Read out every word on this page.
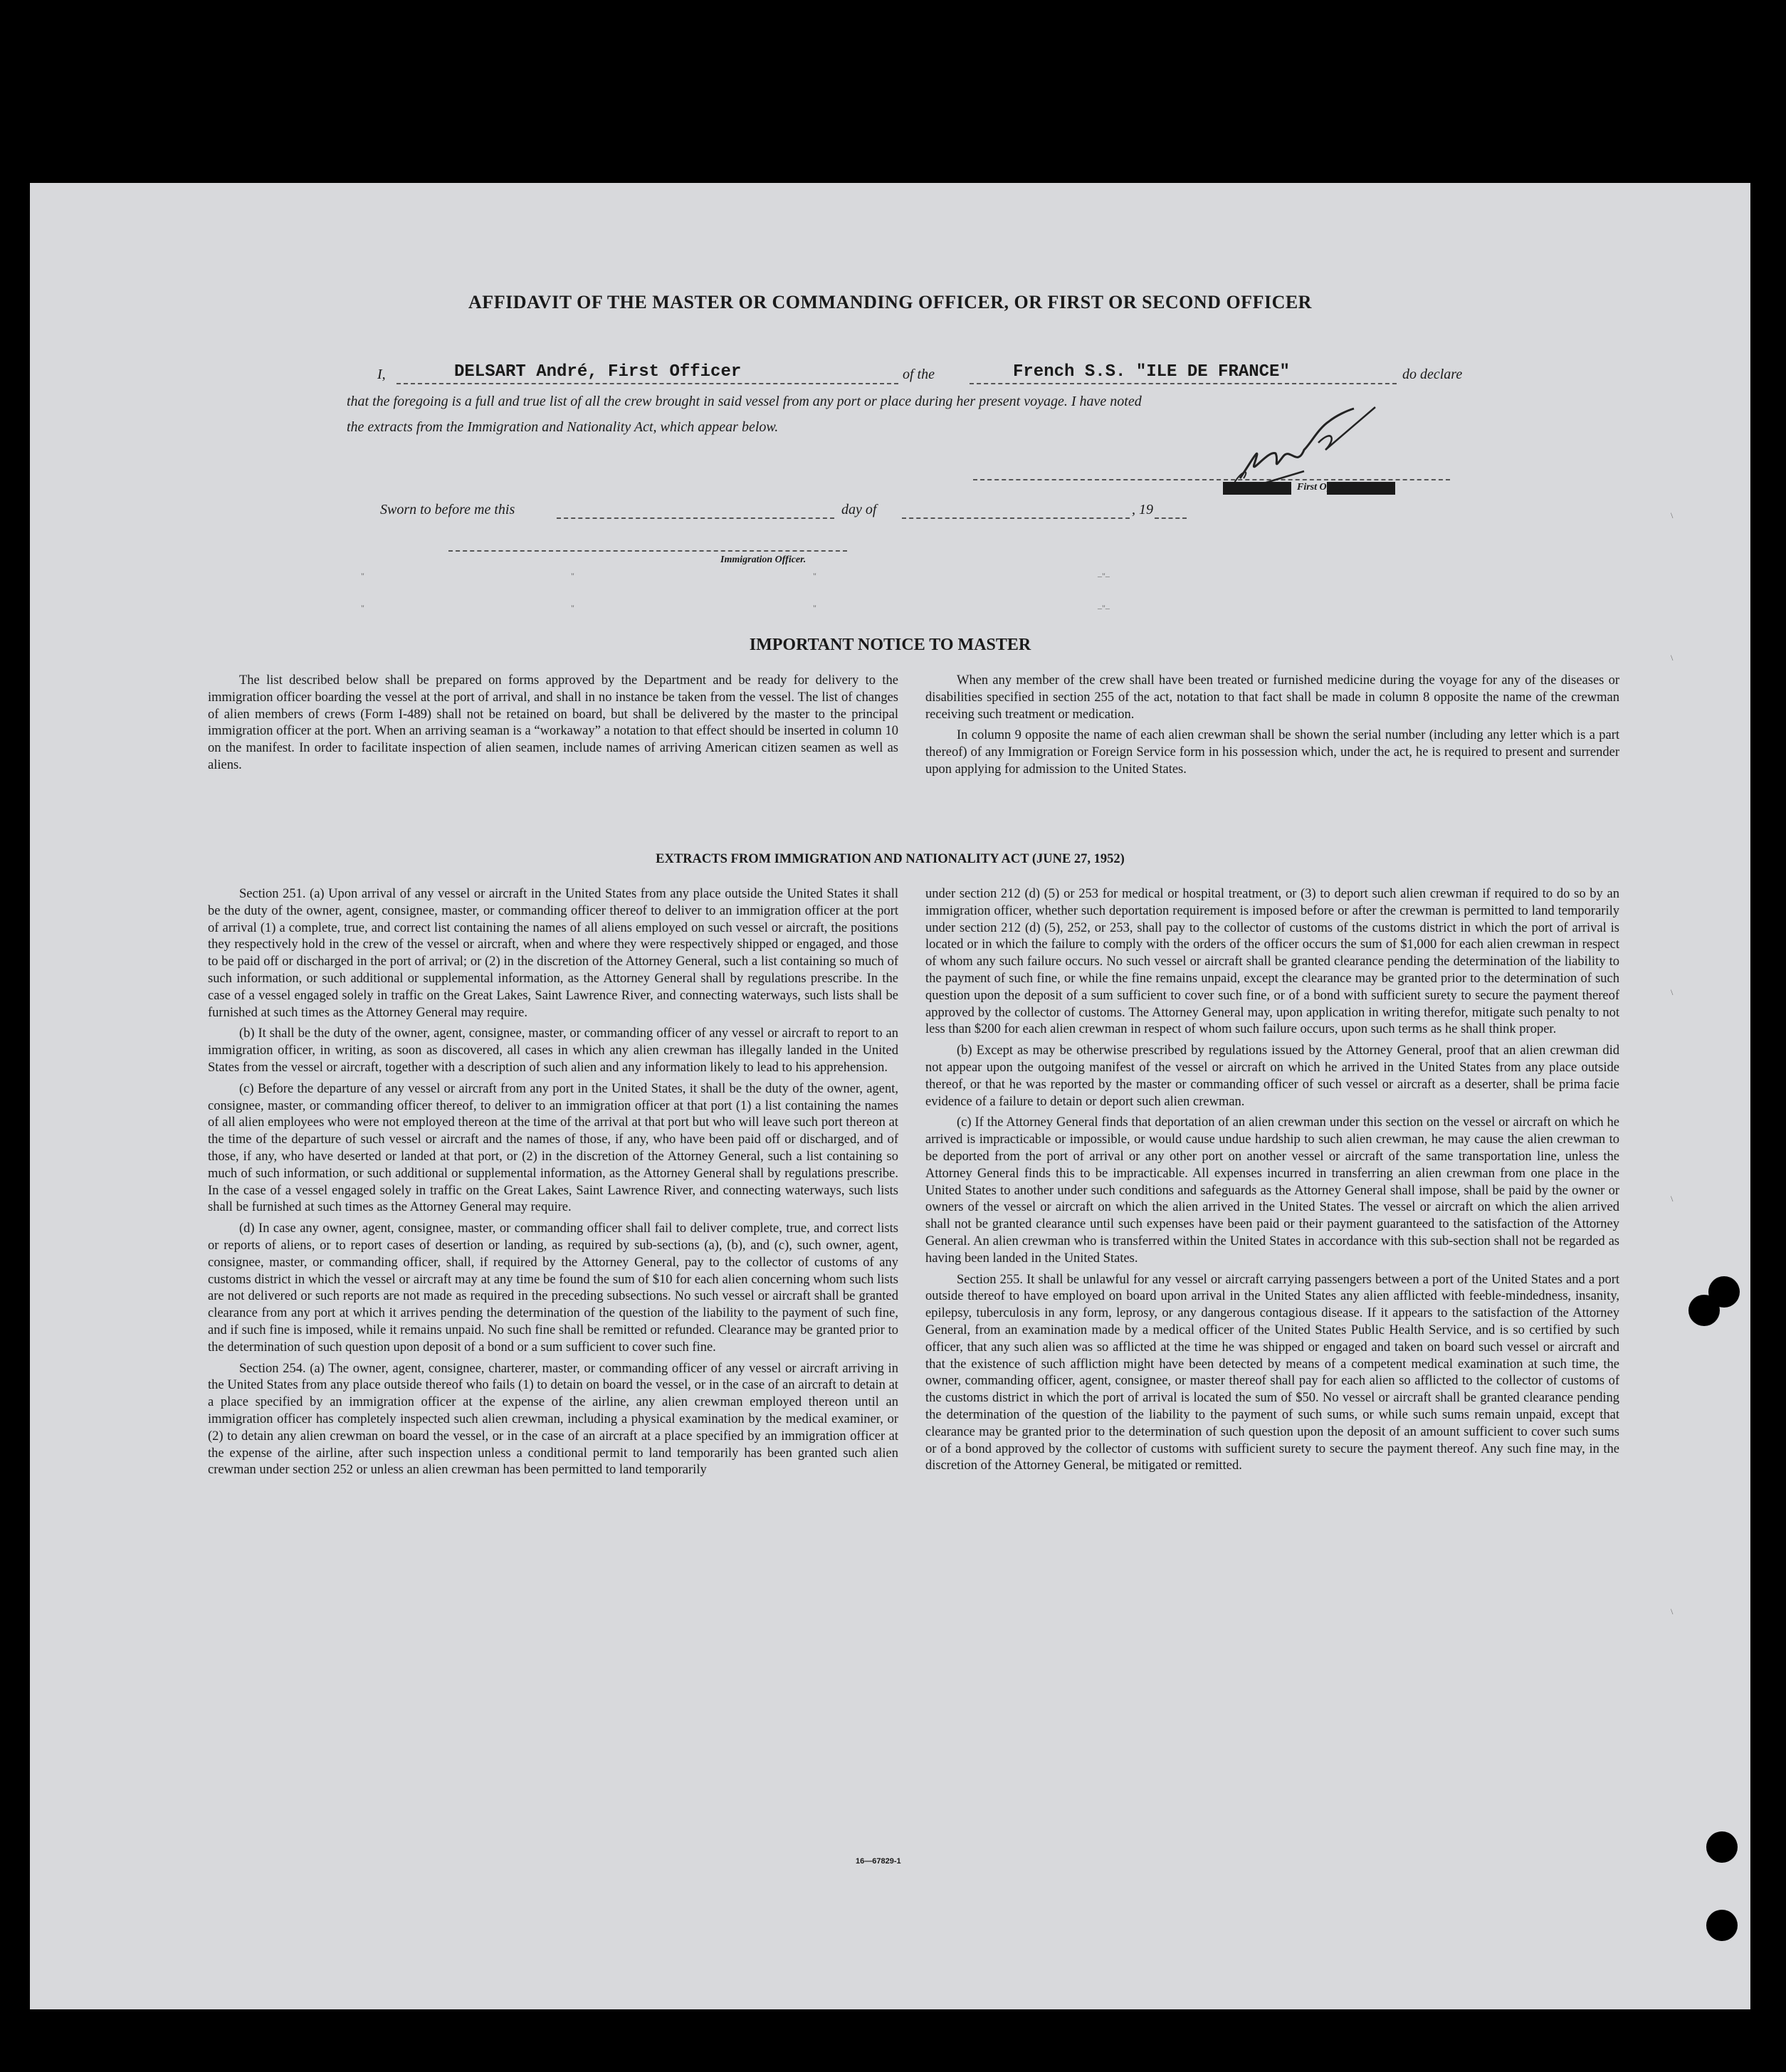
AFFIDAVIT OF THE MASTER OR COMMANDING OFFICER, OR FIRST OR SECOND OFFICER
I,	DELSART André, First Officer	of the	French S.S. "ILE DE FRANCE"	do declare
that the foregoing is a full and true list of all the crew brought in said vessel from any port or place during her present voyage. I have noted
the extracts from the Immigration and Nationality Act, which appear below.
First Officer.
Sworn to before me this	day of	, 19
Immigration Officer.
"	"	"	–"–
"	"	"	–"–
IMPORTANT NOTICE TO MASTER

The list described below shall be prepared on forms approved by the Department and be ready for delivery to the immigration officer boarding the vessel at the port of arrival, and shall in no instance be taken from the vessel. The list of changes of alien members of crews (Form I-489) shall not be retained on board, but shall be delivered by the master to the principal immigration officer at the port. When an arriving seaman is a “workaway” a notation to that effect should be inserted in column 10 on the manifest. In order to facilitate inspection of alien seamen, include names of arriving American citizen seamen as well as aliens.

When any member of the crew shall have been treated or furnished medicine during the voyage for any of the diseases or disabilities specified in section 255 of the act, notation to that fact shall be made in column 8 opposite the name of the crewman receiving such treatment or medication.

In column 9 opposite the name of each alien crewman shall be shown the serial number (including any letter which is a part thereof) of any Immigration or Foreign Service form in his possession which, under the act, he is required to present and surrender upon applying for admission to the United States.

EXTRACTS FROM IMMIGRATION AND NATIONALITY ACT (JUNE 27, 1952)

Section 251. (a) Upon arrival of any vessel or aircraft in the United States from any place outside the United States it shall be the duty of the owner, agent, consignee, master, or commanding officer thereof to deliver to an immigration officer at the port of arrival (1) a complete, true, and correct list containing the names of all aliens employed on such vessel or aircraft, the positions they respectively hold in the crew of the vessel or aircraft, when and where they were respectively shipped or engaged, and those to be paid off or discharged in the port of arrival; or (2) in the discretion of the Attorney General, such a list containing so much of such information, or such additional or supplemental information, as the Attorney General shall by regulations prescribe. In the case of a vessel engaged solely in traffic on the Great Lakes, Saint Lawrence River, and connecting waterways, such lists shall be furnished at such times as the Attorney General may require.

(b) It shall be the duty of the owner, agent, consignee, master, or commanding officer of any vessel or aircraft to report to an immigration officer, in writing, as soon as discovered, all cases in which any alien crewman has illegally landed in the United States from the vessel or aircraft, together with a description of such alien and any information likely to lead to his apprehension.

(c) Before the departure of any vessel or aircraft from any port in the United States, it shall be the duty of the owner, agent, consignee, master, or commanding officer thereof, to deliver to an immigration officer at that port (1) a list containing the names of all alien employees who were not employed thereon at the time of the arrival at that port but who will leave such port thereon at the time of the departure of such vessel or aircraft and the names of those, if any, who have been paid off or discharged, and of those, if any, who have deserted or landed at that port, or (2) in the discretion of the Attorney General, such a list containing so much of such information, or such additional or supplemental information, as the Attorney General shall by regulations prescribe. In the case of a vessel engaged solely in traffic on the Great Lakes, Saint Lawrence River, and connecting waterways, such lists shall be furnished at such times as the Attorney General may require.

(d) In case any owner, agent, consignee, master, or commanding officer shall fail to deliver complete, true, and correct lists or reports of aliens, or to report cases of desertion or landing, as required by sub-sections (a), (b), and (c), such owner, agent, consignee, master, or commanding officer, shall, if required by the Attorney General, pay to the collector of customs of any customs district in which the vessel or aircraft may at any time be found the sum of $10 for each alien concerning whom such lists are not delivered or such reports are not made as required in the preceding subsections. No such vessel or aircraft shall be granted clearance from any port at which it arrives pending the determination of the question of the liability to the payment of such fine, and if such fine is imposed, while it remains unpaid. No such fine shall be remitted or refunded. Clearance may be granted prior to the determination of such question upon deposit of a bond or a sum sufficient to cover such fine.

Section 254. (a) The owner, agent, consignee, charterer, master, or commanding officer of any vessel or aircraft arriving in the United States from any place outside thereof who fails (1) to detain on board the vessel, or in the case of an aircraft to detain at a place specified by an immigration officer at the expense of the airline, any alien crewman employed thereon until an immigration officer has completely inspected such alien crewman, including a physical examination by the medical examiner, or (2) to detain any alien crewman on board the vessel, or in the case of an aircraft at a place specified by an immigration officer at the expense of the airline, after such inspection unless a conditional permit to land temporarily has been granted such alien crewman under section 252 or unless an alien crewman has been permitted to land temporarily

under section 212 (d) (5) or 253 for medical or hospital treatment, or (3) to deport such alien crewman if required to do so by an immigration officer, whether such deportation requirement is imposed before or after the crewman is permitted to land temporarily under section 212 (d) (5), 252, or 253, shall pay to the collector of customs of the customs district in which the port of arrival is located or in which the failure to comply with the orders of the officer occurs the sum of $1,000 for each alien crewman in respect of whom any such failure occurs. No such vessel or aircraft shall be granted clearance pending the determination of the liability to the payment of such fine, or while the fine remains unpaid, except the clearance may be granted prior to the determination of such question upon the deposit of a sum sufficient to cover such fine, or of a bond with sufficient surety to secure the payment thereof approved by the collector of customs. The Attorney General may, upon application in writing therefor, mitigate such penalty to not less than $200 for each alien crewman in respect of whom such failure occurs, upon such terms as he shall think proper.

(b) Except as may be otherwise prescribed by regulations issued by the Attorney General, proof that an alien crewman did not appear upon the outgoing manifest of the vessel or aircraft on which he arrived in the United States from any place outside thereof, or that he was reported by the master or commanding officer of such vessel or aircraft as a deserter, shall be prima facie evidence of a failure to detain or deport such alien crewman.

(c) If the Attorney General finds that deportation of an alien crewman under this section on the vessel or aircraft on which he arrived is impracticable or impossible, or would cause undue hardship to such alien crewman, he may cause the alien crewman to be deported from the port of arrival or any other port on another vessel or aircraft of the same transportation line, unless the Attorney General finds this to be impracticable. All expenses incurred in transferring an alien crewman from one place in the United States to another under such conditions and safeguards as the Attorney General shall impose, shall be paid by the owner or owners of the vessel or aircraft on which the alien arrived in the United States. The vessel or aircraft on which the alien arrived shall not be granted clearance until such expenses have been paid or their payment guaranteed to the satisfaction of the Attorney General. An alien crewman who is transferred within the United States in accordance with this sub-section shall not be regarded as having been landed in the United States.

Section 255. It shall be unlawful for any vessel or aircraft carrying passengers between a port of the United States and a port outside thereof to have employed on board upon arrival in the United States any alien afflicted with feeble-mindedness, insanity, epilepsy, tuberculosis in any form, leprosy, or any dangerous contagious disease. If it appears to the satisfaction of the Attorney General, from an examination made by a medical officer of the United States Public Health Service, and is so certified by such officer, that any such alien was so afflicted at the time he was shipped or engaged and taken on board such vessel or aircraft and that the existence of such affliction might have been detected by means of a competent medical examination at such time, the owner, commanding officer, agent, consignee, or master thereof shall pay for each alien so afflicted to the collector of customs of the customs district in which the port of arrival is located the sum of $50. No vessel or aircraft shall be granted clearance pending the determination of the question of the liability to the payment of such sums, or while such sums remain unpaid, except that clearance may be granted prior to the determination of such question upon the deposit of an amount sufficient to cover such sums or of a bond approved by the collector of customs with sufficient surety to secure the payment thereof. Any such fine may, in the discretion of the Attorney General, be mitigated or remitted.

16—67829-1
\
\
\
\
\
